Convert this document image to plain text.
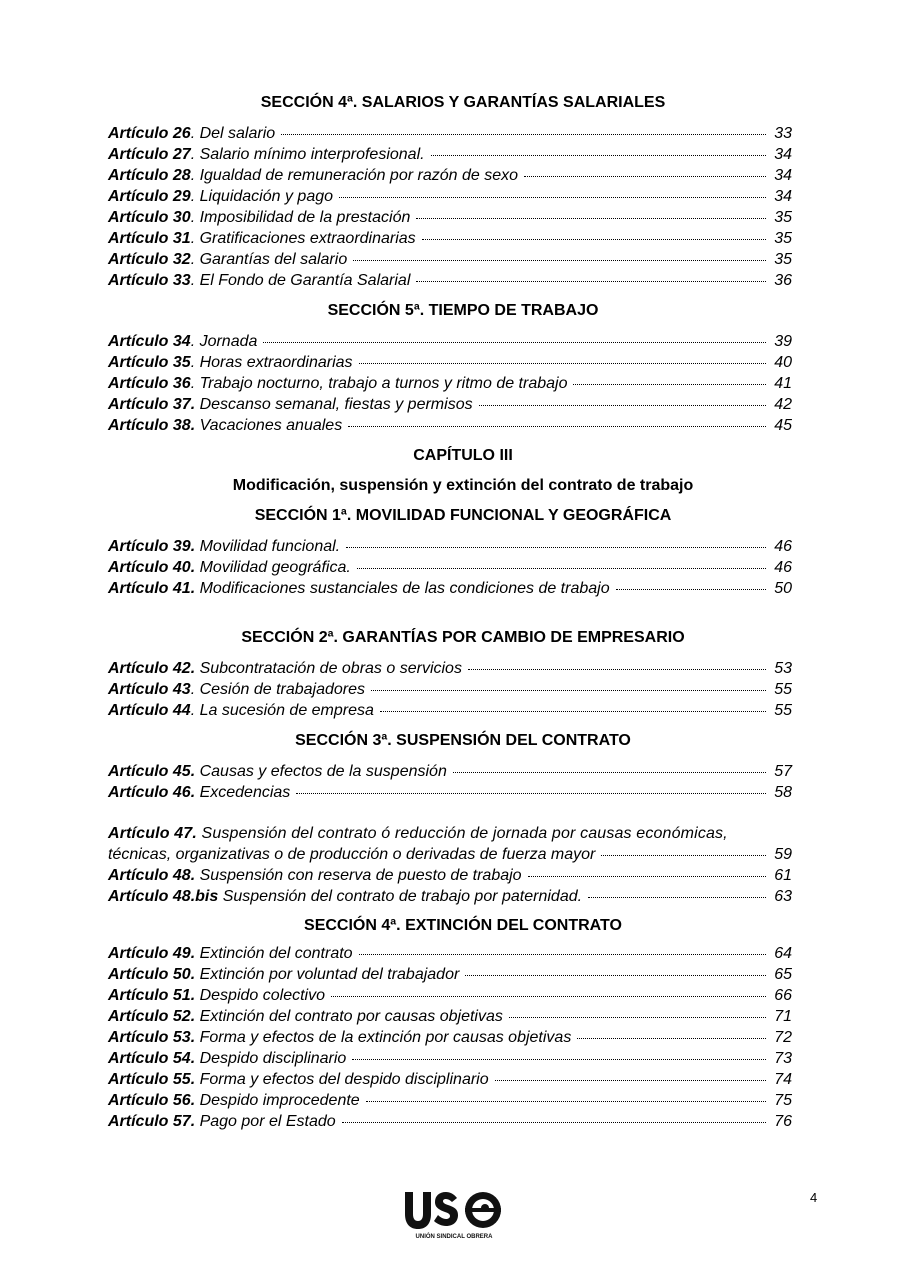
SECCIÓN 4ª. SALARIOS Y GARANTÍAS SALARIALES
Artículo 26. Del salario	33
Artículo 27. Salario mínimo interprofesional.	34
Artículo 28. Igualdad de remuneración por razón de sexo	34
Artículo 29. Liquidación y pago	34
Artículo 30. Imposibilidad de la prestación	35
Artículo 31. Gratificaciones extraordinarias	35
Artículo 32. Garantías del salario	35
Artículo 33. El Fondo de Garantía Salarial	36
SECCIÓN 5ª. TIEMPO DE TRABAJO
Artículo 34. Jornada	39
Artículo 35. Horas extraordinarias	40
Artículo 36. Trabajo nocturno, trabajo a turnos y ritmo de trabajo	41
Artículo 37. Descanso semanal, fiestas y permisos	42
Artículo 38. Vacaciones anuales	45
CAPÍTULO III
Modificación, suspensión y extinción del contrato de trabajo
SECCIÓN 1ª. MOVILIDAD FUNCIONAL Y GEOGRÁFICA
Artículo 39. Movilidad funcional.	46
Artículo 40. Movilidad geográfica.	46
Artículo 41. Modificaciones sustanciales de las condiciones de trabajo	50
SECCIÓN 2ª. GARANTÍAS POR CAMBIO DE EMPRESARIO
Artículo 42. Subcontratación de obras o servicios	53
Artículo 43. Cesión de trabajadores	55
Artículo 44. La sucesión de empresa	55
SECCIÓN 3ª. SUSPENSIÓN DEL CONTRATO
Artículo 45. Causas y efectos de la suspensión	57
Artículo 46. Excedencias	58
Artículo 47. Suspensión del contrato ó reducción de jornada por causas económicas,
técnicas, organizativas o de producción o derivadas de fuerza mayor	59
Artículo 48. Suspensión con reserva de puesto de trabajo	61
Artículo 48.bis Suspensión del contrato de trabajo por paternidad.	63
SECCIÓN 4ª. EXTINCIÓN DEL CONTRATO
Artículo 49. Extinción del contrato	64
Artículo 50. Extinción por voluntad del trabajador	65
Artículo 51. Despido colectivo	66
Artículo 52. Extinción del contrato por causas objetivas	71
Artículo 53. Forma y efectos de la extinción por causas objetivas	72
Artículo 54. Despido disciplinario	73
Artículo 55. Forma y efectos del despido disciplinario	74
Artículo 56. Despido improcedente	75
Artículo 57. Pago por el Estado	76
4
UNIÓN SINDICAL OBRERA
